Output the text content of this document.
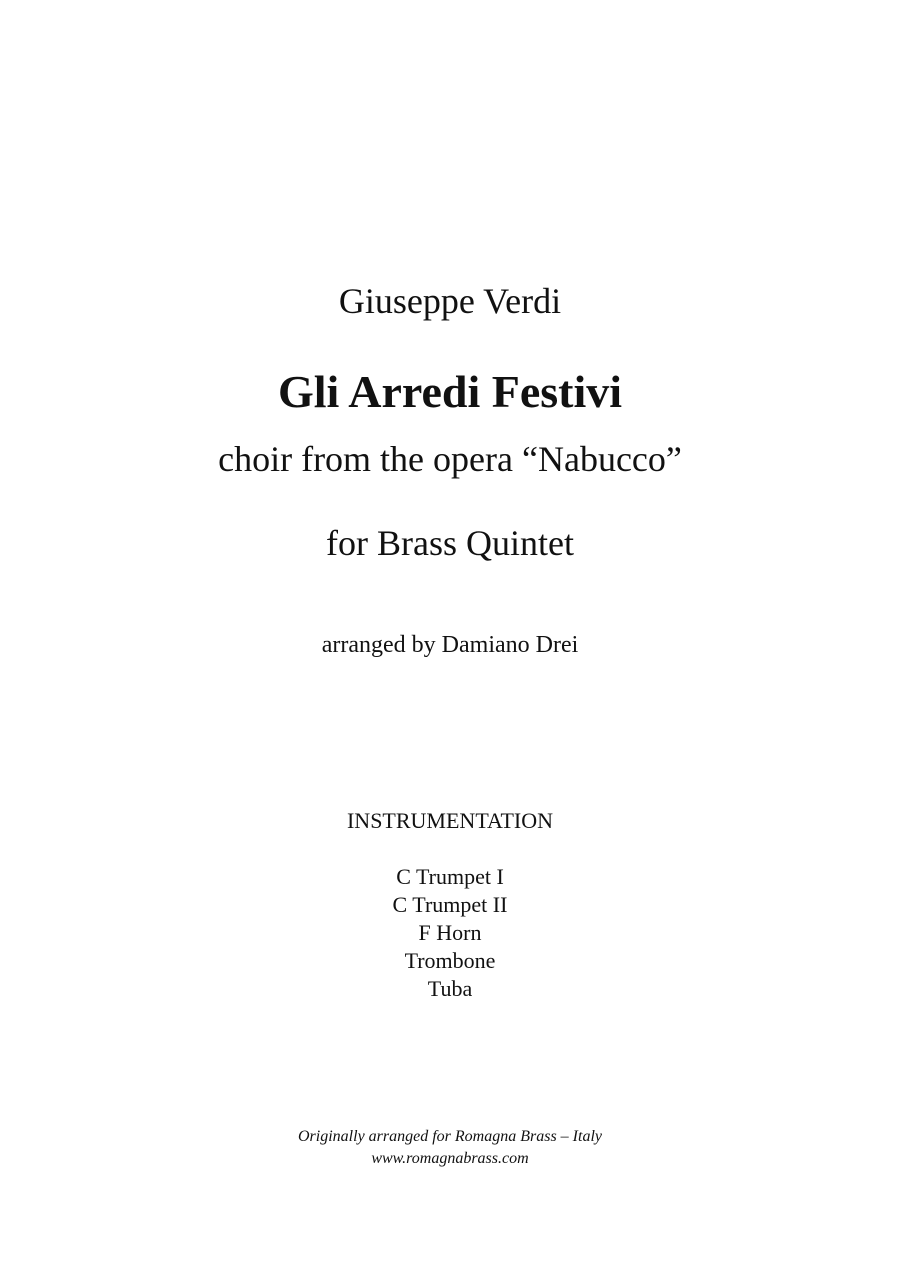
Giuseppe Verdi
Gli Arredi Festivi
choir from the opera “Nabucco”
for Brass Quintet
arranged by Damiano Drei
INSTRUMENTATION
C Trumpet I
C Trumpet II
F Horn
Trombone
Tuba
Originally arranged for Romagna Brass – Italy
www.romagnabrass.com
